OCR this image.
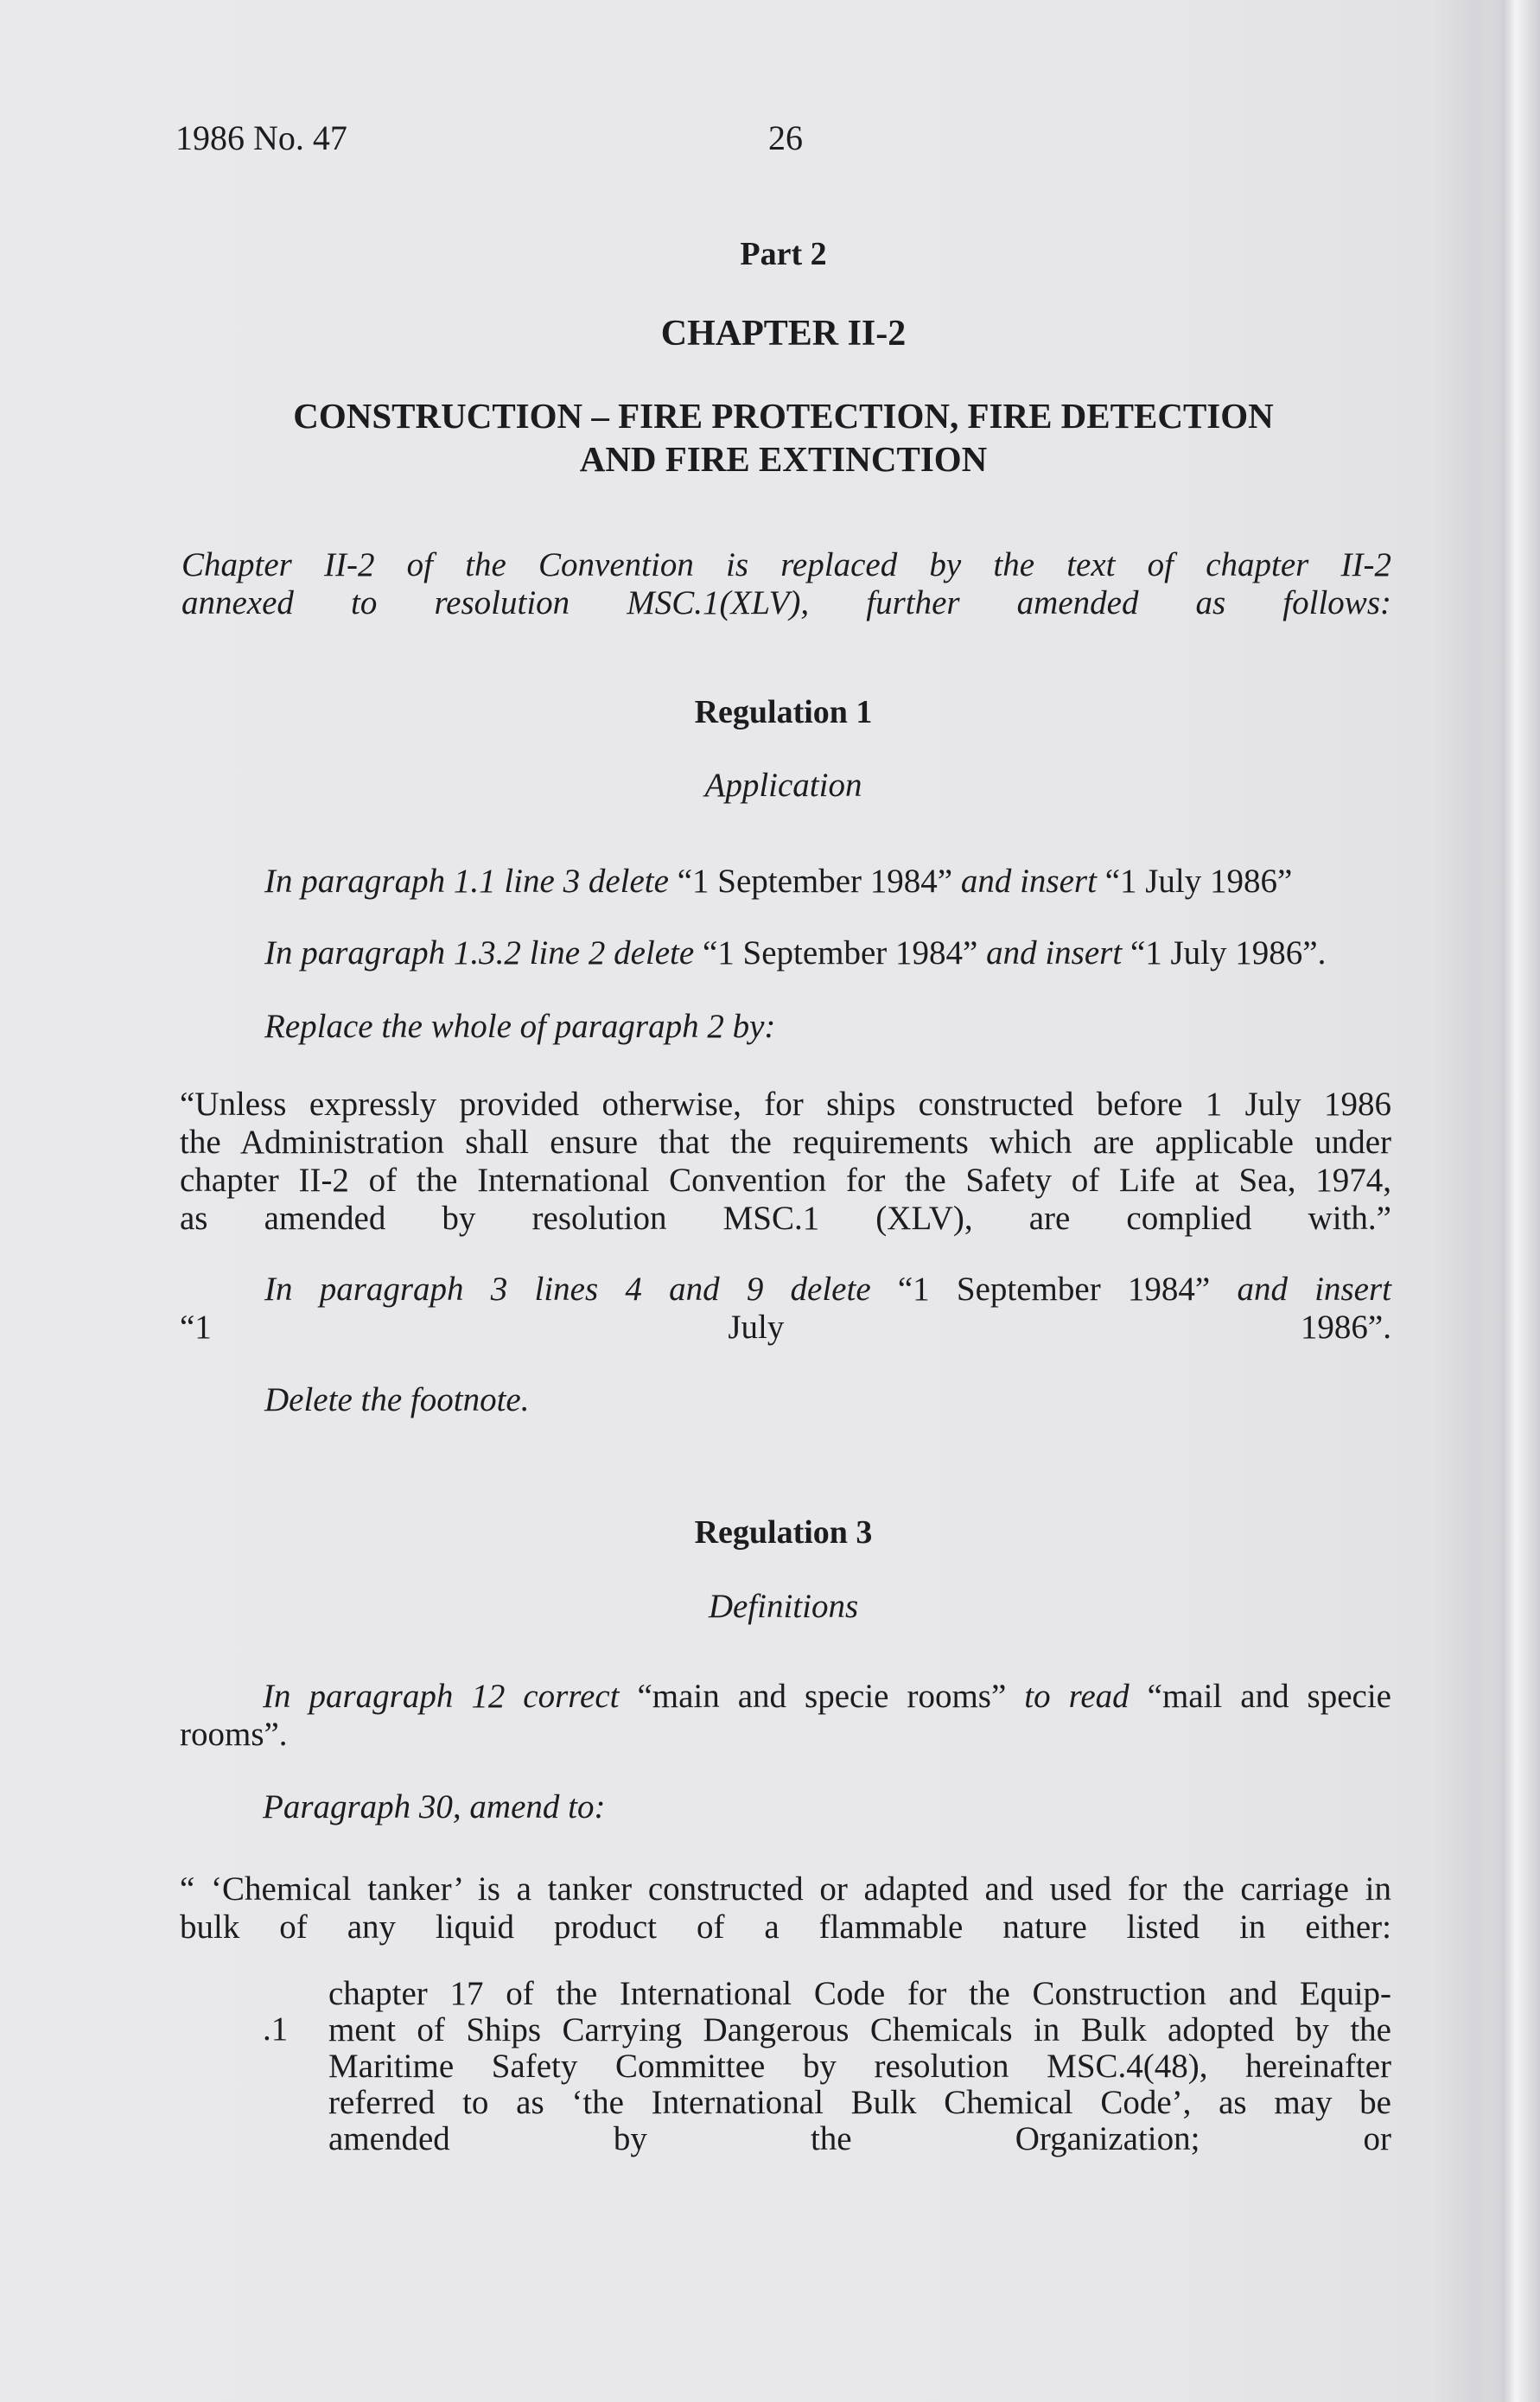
1986 No. 47	26

Part 2

CHAPTER II-2

CONSTRUCTION – FIRE PROTECTION, FIRE DETECTION
AND FIRE EXTINCTION
Chapter II-2 of the Convention is replaced by the text of chapter II-2
annexed to resolution MSC.1(XLV), further amended as follows:

Regulation 1

Application

In paragraph 1.1 line 3 delete “1 September 1984” and insert “1 July 1986”

In paragraph 1.3.2 line 2 delete “1 September 1984” and insert “1 July 1986”.

Replace the whole of paragraph 2 by:

“Unless expressly provided otherwise, for ships constructed before 1 July 1986
the Administration shall ensure that the requirements which are applicable under
chapter II-2 of the International Convention for the Safety of Life at Sea, 1974,
as amended by resolution MSC.1 (XLV), are complied with.”
In paragraph 3 lines 4 and 9 delete “1 September 1984” and insert
“1 July 1986”.

Delete the footnote.

Regulation 3

Definitions

In paragraph 12 correct “main and specie rooms” to read “mail and specie
rooms”.

Paragraph 30, amend to:

“ ‘Chemical tanker’ is a tanker constructed or adapted and used for the carriage in
bulk of any liquid product of a flammable nature listed in either:

.1

chapter 17 of the International Code for the Construction and Equip-
ment of Ships Carrying Dangerous Chemicals in Bulk adopted by the
Maritime Safety Committee by resolution MSC.4(48), hereinafter
referred to as ‘the International Bulk Chemical Code’, as may be
amended by the Organization; or
